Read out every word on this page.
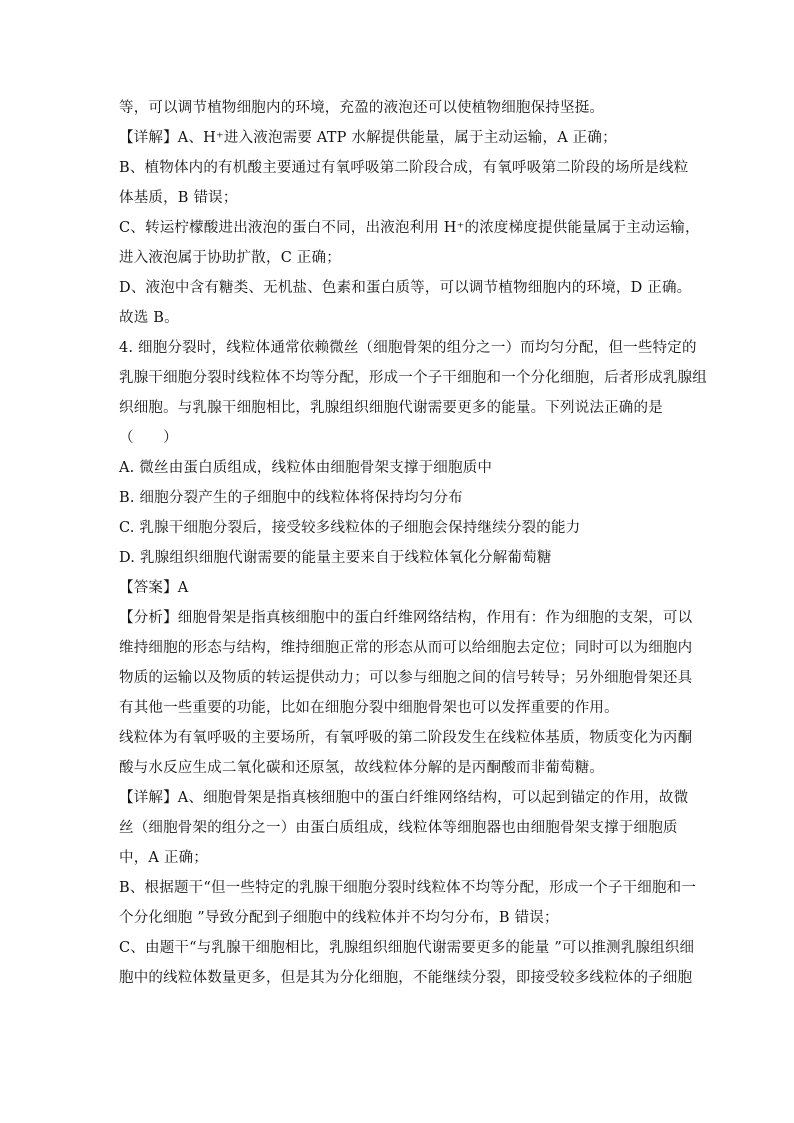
等，可以调节植物细胞内的环境，充盈的液泡还可以使植物细胞保持坚挺。

【详解】A、H⁺进入液泡需要 ATP 水解提供能量，属于主动运输，A 正确；

B、植物体内的有机酸主要通过有氧呼吸第二阶段合成，有氧呼吸第二阶段的场所是线粒

体基质，B 错误；

C、转运柠檬酸进出液泡的蛋白不同，出液泡利用 H⁺的浓度梯度提供能量属于主动运输，

进入液泡属于协助扩散，C 正确；

D、液泡中含有糖类、无机盐、色素和蛋白质等，可以调节植物细胞内的环境，D 正确。

故选 B。

4. 细胞分裂时，线粒体通常依赖微丝（细胞骨架的组分之一）而均匀分配，但一些特定的

乳腺干细胞分裂时线粒体不均等分配，形成一个子干细胞和一个分化细胞，后者形成乳腺组

织细胞。与乳腺干细胞相比，乳腺组织细胞代谢需要更多的能量。下列说法正确的是

（　　）

A. 微丝由蛋白质组成，线粒体由细胞骨架支撑于细胞质中

B. 细胞分裂产生的子细胞中的线粒体将保持均匀分布

C. 乳腺干细胞分裂后，接受较多线粒体的子细胞会保持继续分裂的能力

D. 乳腺组织细胞代谢需要的能量主要来自于线粒体氧化分解葡萄糖

【答案】A

【分析】细胞骨架是指真核细胞中的蛋白纤维网络结构，作用有：作为细胞的支架，可以

维持细胞的形态与结构，维持细胞正常的形态从而可以给细胞去定位；同时可以为细胞内

物质的运输以及物质的转运提供动力；可以参与细胞之间的信号转导；另外细胞骨架还具

有其他一些重要的功能，比如在细胞分裂中细胞骨架也可以发挥重要的作用。

线粒体为有氧呼吸的主要场所，有氧呼吸的第二阶段发生在线粒体基质，物质变化为丙酮

酸与水反应生成二氧化碳和还原氢，故线粒体分解的是丙酮酸而非葡萄糖。

【详解】A、细胞骨架是指真核细胞中的蛋白纤维网络结构，可以起到锚定的作用，故微

丝（细胞骨架的组分之一）由蛋白质组成，线粒体等细胞器也由细胞骨架支撑于细胞质

中，A 正确；

B、根据题干“但一些特定的乳腺干细胞分裂时线粒体不均等分配，形成一个子干细胞和一

个分化细胞 ”导致分配到子细胞中的线粒体并不均匀分布，B 错误；

C、由题干“与乳腺干细胞相比，乳腺组织细胞代谢需要更多的能量 ”可以推测乳腺组织细

胞中的线粒体数量更多，但是其为分化细胞，不能继续分裂，即接受较多线粒体的子细胞
